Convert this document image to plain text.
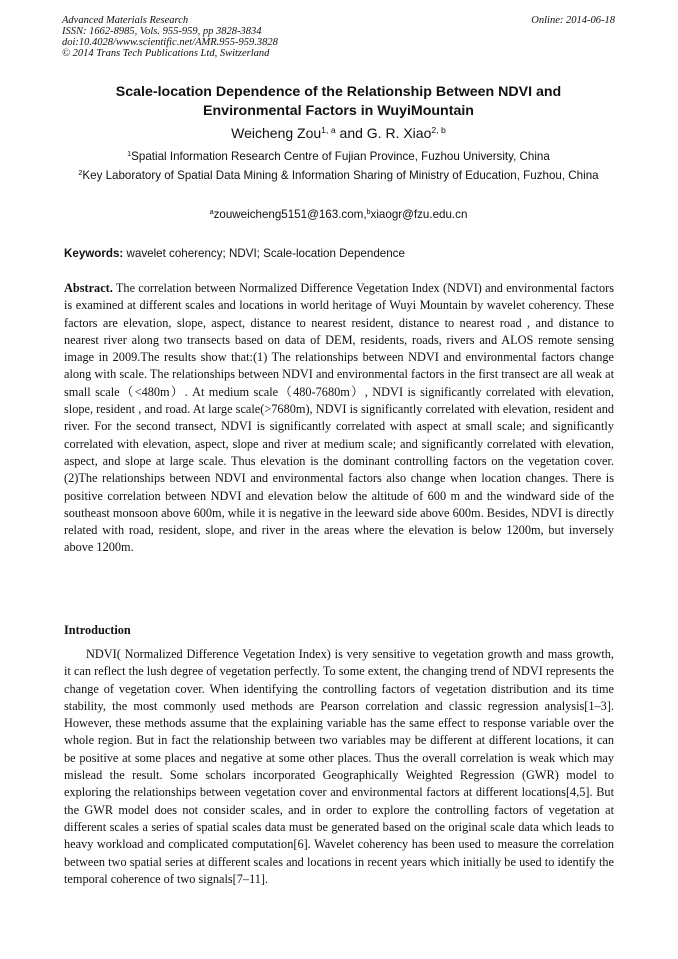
Advanced Materials Research
ISSN: 1662-8985, Vols. 955-959, pp 3828-3834
doi:10.4028/www.scientific.net/AMR.955-959.3828
© 2014 Trans Tech Publications Ltd, Switzerland
Online: 2014-06-18
Scale-location Dependence of the Relationship Between NDVI and
Environmental Factors in WuyiMountain
Weicheng Zou$^{1, a}$ and G. R. Xiao$^{2, b}$
$^1$Spatial Information Research Centre of Fujian Province, Fuzhou University, China
$^2$Key Laboratory of Spatial Data Mining & Information Sharing of Ministry of Education, Fuzhou, China
$^a$zouweicheng5151@163.com,$^b$xiaogr@fzu.edu.cn
Keywords: wavelet coherency; NDVI; Scale-location Dependence

Abstract. The correlation between Normalized Difference Vegetation Index (NDVI) and environmental factors is examined at different scales and locations in world heritage of Wuyi Mountain by wavelet coherency. These factors are elevation, slope, aspect, distance to nearest resident, distance to nearest road , and distance to nearest river along two transects based on data of DEM, residents, roads, rivers and ALOS remote sensing image in 2009.The results show that:(1) The relationships between NDVI and environmental factors change along with scale. The relationships between NDVI and environmental factors in the first transect are all weak at small scale（<480m）. At medium scale（480-7680m）, NDVI is significantly correlated with elevation, slope, resident , and road. At large scale(>7680m), NDVI is significantly correlated with elevation, resident and river. For the second transect, NDVI is significantly correlated with aspect at small scale; and significantly correlated with elevation, aspect, slope and river at medium scale; and significantly correlated with elevation, aspect, and slope at large scale. Thus elevation is the dominant controlling factors on the vegetation cover.(2)The relationships between NDVI and environmental factors also change when location changes. There is positive correlation between NDVI and elevation below the altitude of 600 m and the windward side of the southeast monsoon above 600m, while it is negative in the leeward side above 600m. Besides, NDVI is directly related with road, resident, slope, and river in the areas where the elevation is below 1200m, but inversely above 1200m.

Introduction

NDVI( Normalized Difference Vegetation Index) is very sensitive to vegetation growth and mass growth, it can reflect the lush degree of vegetation perfectly. To some extent, the changing trend of NDVI represents the change of vegetation cover. When identifying the controlling factors of vegetation distribution and its time stability, the most commonly used methods are Pearson correlation and classic regression analysis[1–3]. However, these methods assume that the explaining variable has the same effect to response variable over the whole region. But in fact the relationship between two variables may be different at different locations, it can be positive at some places and negative at some other places. Thus the overall correlation is weak which may mislead the result. Some scholars incorporated Geographically Weighted Regression (GWR) model to exploring the relationships between vegetation cover and environmental factors at different locations[4,5]. But the GWR model does not consider scales, and in order to explore the controlling factors of vegetation at different scales a series of spatial scales data must be generated based on the original scale data which leads to heavy workload and complicated computation[6]. Wavelet coherency has been used to measure the correlation between two spatial series at different scales and locations in recent years which initially be used to identify the temporal coherence of two signals[7–11].
